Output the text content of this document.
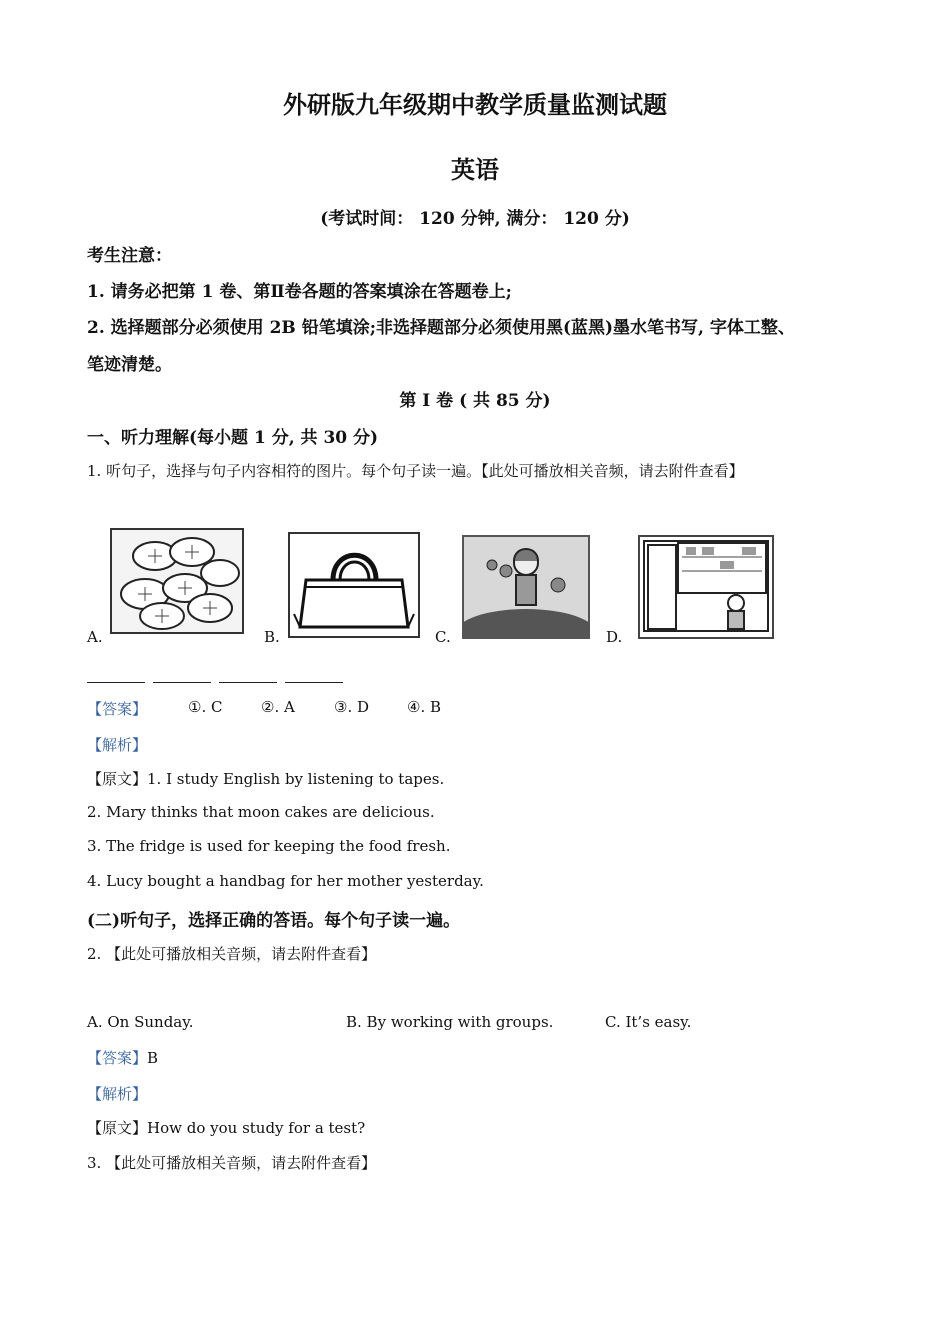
外研版九年级期中教学质量监测试题
英语
(考试时间： 120 分钟, 满分： 120 分)
考生注意：
1. 请务必把第 1 卷、第Ⅱ卷各题的答案填涂在答题卷上;
2. 选择题部分必须使用 2B 铅笔填涂;非选择题部分必须使用黑(蓝黑)墨水笔书写, 字体工整、
笔迹清楚。
第 I 卷 ( 共 85 分)
一、听力理解(每小题 1 分, 共 30 分)
1. 听句子，选择与句子内容相符的图片。每个句子读一遍。【此处可播放相关音频，请去附件查看】
A.	B.	C.	D.
【答案】	①. C	②. A	③. D	④. B
【解析】
【原文】1. I study English by listening to tapes.
2. Mary thinks that moon cakes are delicious.
3. The fridge is used for keeping the food fresh.
4. Lucy bought a handbag for her mother yesterday.
(二)听句子，选择正确的答语。每个句子读一遍。
2. 【此处可播放相关音频，请去附件查看】
A. On Sunday.	B. By working with groups.	C. It’s easy.
【答案】B
【解析】
【原文】How do you study for a test?
3. 【此处可播放相关音频，请去附件查看】
